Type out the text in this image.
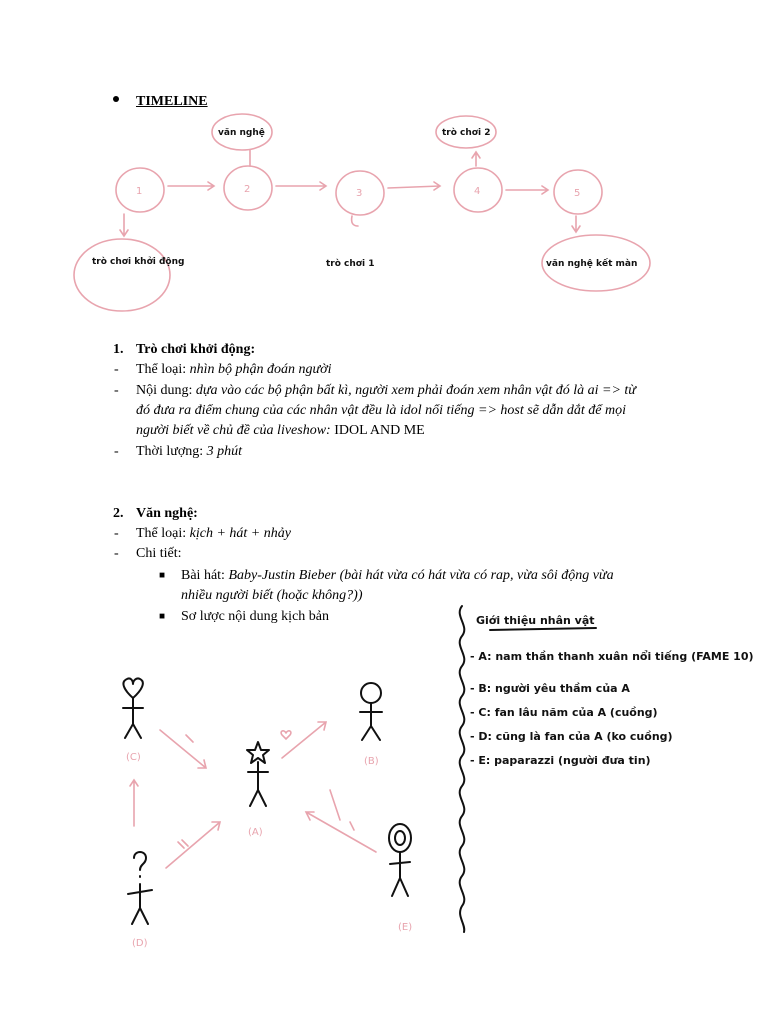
TIMELINE
1	2	3	4	5
trò chơi khởi động
văn nghệ
trò chơi 1
trò chơi 2
văn nghệ kết màn
1. Trò chơi khởi động:
- Thể loại: nhìn bộ phận đoán người
- Nội dung: dựa vào các bộ phận bất kì, người xem phải đoán xem nhân vật đó là ai => từ
đó đưa ra điểm chung của các nhân vật đều là idol nổi tiếng => host sẽ dẫn dắt để mọi
người biết về chủ đề của liveshow: IDOL AND ME
- Thời lượng: 3 phút
2. Văn nghệ:
- Thể loại: kịch + hát + nhảy
- Chi tiết:
■ Bài hát: Baby-Justin Bieber (bài hát vừa có hát vừa có rap, vừa sôi động vừa
nhiều người biết (hoặc không?))
■ Sơ lược nội dung kịch bản
(C)	(B)
(A)
(D)
(E)
Giới thiệu nhân vật
- A: nam thần thanh xuân nổi tiếng (FAME 10)
- B: người yêu thầm của A
- C: fan lâu năm của A (cuồng)
- D: cũng là fan của A (ko cuồng)
- E: paparazzi (người đưa tin)
